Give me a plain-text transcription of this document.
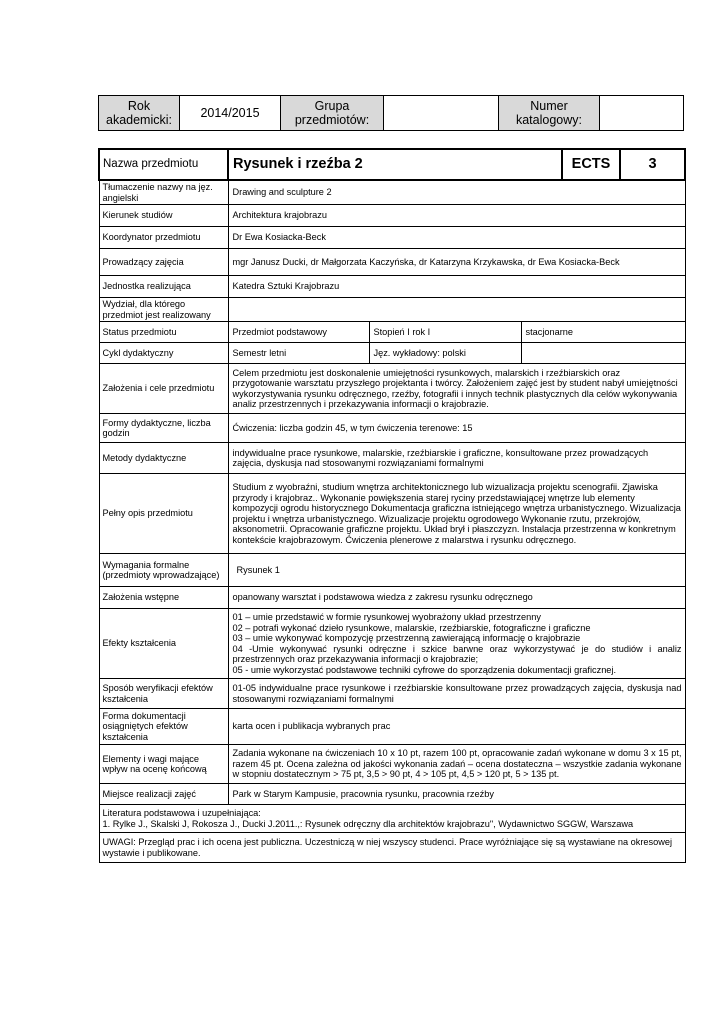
Rok akademicki:	2014/2015	Grupa przedmiotów:		Numer katalogowy:	
Nazwa przedmiotu	Rysunek i rzeźba 2			ECTS	3
Tłumaczenie nazwy na jęz. angielski	Drawing and sculpture 2				
Kierunek studiów	Architektura krajobrazu				
Koordynator przedmiotu	Dr Ewa Kosiacka-Beck				
Prowadzący zajęcia	mgr Janusz Ducki, dr Małgorzata Kaczyńska, dr Katarzyna Krzykawska, dr Ewa Kosiacka-Beck				
Jednostka realizująca	Katedra Sztuki Krajobrazu				
Wydział, dla którego przedmiot jest realizowany					
Status przedmiotu	Przedmiot podstawowy	Stopień I rok I	stacjonarne		
Cykl dydaktyczny	Semestr letni	Jęz. wykładowy: polski			
Założenia i cele przedmiotu	Celem przedmiotu jest doskonalenie umiejętności rysunkowych, malarskich i rzeźbiarskich oraz przygotowanie warsztatu przyszłego projektanta i twórcy. Założeniem zajęć jest by student nabył umiejętności wykorzystywania rysunku odręcznego, rzeźby, fotografii i innych technik plastycznych dla celów wykonywania analiz przestrzennych i przekazywania informacji o krajobrazie.				
Formy dydaktyczne, liczba godzin	Ćwiczenia: liczba godzin 45, w tym ćwiczenia terenowe: 15				
Metody dydaktyczne	indywidualne prace rysunkowe, malarskie, rzeźbiarskie i graficzne, konsultowane przez prowadzących zajęcia, dyskusja nad stosowanymi rozwiązaniami formalnymi				
Pełny opis przedmiotu	Studium z wyobraźni, studium wnętrza architektonicznego lub wizualizacja projektu scenografii. Zjawiska przyrody i krajobraz.. Wykonanie powiększenia starej ryciny przedstawiającej wnętrze lub elementy kompozycji ogrodu historycznego Dokumentacja graficzna istniejącego wnętrza urbanistycznego. Wizualizacja projektu i wnętrza urbanistycznego. Wizualizacje projektu ogrodowego Wykonanie rzutu, przekrojów, aksonometrii. Opracowanie graficzne projektu. Układ brył i płaszczyzn. Instalacja przestrzenna w konkretnym kontekście krajobrazowym. Ćwiczenia plenerowe z malarstwa i rysunku odręcznego.				
Wymagania formalne (przedmioty wprowadzające)	Rysunek 1				
Założenia wstępne	opanowany warsztat i podstawowa wiedza z zakresu rysunku odręcznego				
Efekty kształcenia	01 – umie przedstawić w formie rysunkowej wyobrażony układ przestrzenny
02 – potrafi wykonać dzieło rysunkowe, malarskie, rzeźbiarskie, fotograficzne i graficzne
03 – umie wykonywać kompozycję przestrzenną zawierającą informację o krajobrazie
04 -Umie wykonywać rysunki odręczne i szkice barwne oraz wykorzystywać je do studiów i analiz przestrzennych oraz przekazywania informacji o krajobrazie;
05 - umie wykorzystać podstawowe techniki cyfrowe do sporządzenia dokumentacji graficznej.				

Sposób weryfikacji efektów kształcenia	01-05 indywidualne prace rysunkowe i rzeźbiarskie konsultowane przez prowadzących zajęcia, dyskusja nad stosowanymi rozwiązaniami formalnymi				
Forma dokumentacji osiągniętych efektów kształcenia	karta ocen i publikacja wybranych prac				
Elementy i wagi mające wpływ na ocenę końcową	Zadania wykonane na ćwiczeniach 10 x 10 pt, razem 100 pt, opracowanie zadań wykonane w domu 3 x 15 pt, razem 45 pt. Ocena zależna od jakości wykonania zadań – ocena dostateczna – wszystkie zadania wykonane w stopniu dostatecznym > 75 pt, 3,5 > 90 pt, 4 > 105 pt, 4,5 > 120 pt, 5 > 135 pt.				
Miejsce realizacji zajęć	Park w Starym Kampusie, pracownia rysunku, pracownia rzeźby				

Literatura podstawowa i uzupełniająca:
1. Rylke J., Skalski J, Rokosza J., Ducki J.2011.,: Rysunek odręczny dla architektów krajobrazu", Wydawnictwo SGGW, Warszawa					

UWAGI: Przegląd prac i ich ocena jest publiczna. Uczestniczą w niej wszyscy studenci. Prace wyróżniające się są wystawiane na okresowej wystawie i publikowane.					
